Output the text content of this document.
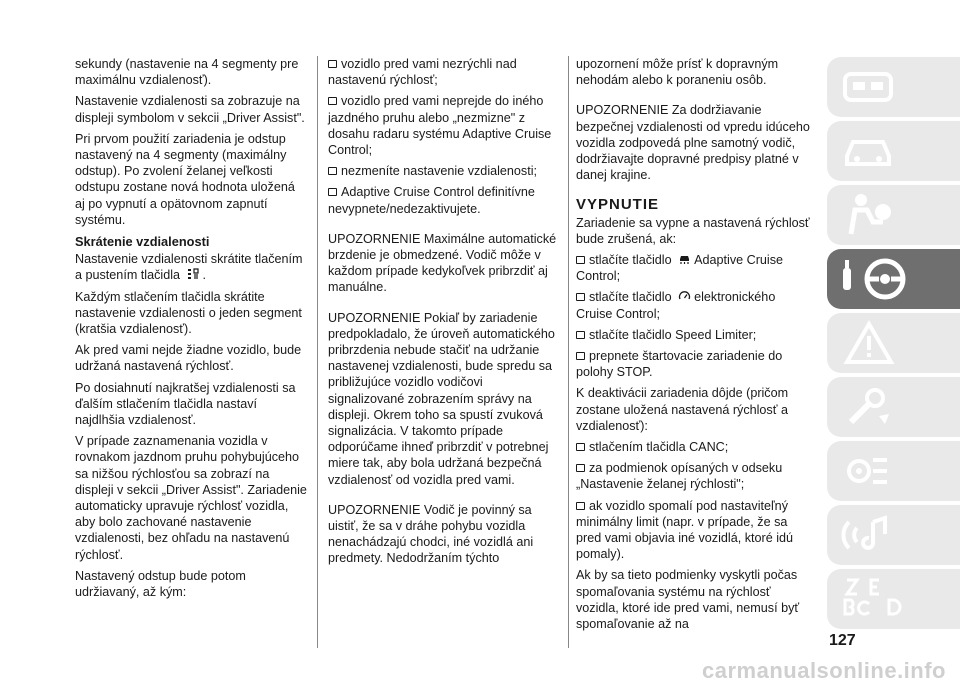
sekundy (nastavenie na 4 segmenty pre maximálnu vzdialenosť).

Nastavenie vzdialenosti sa zobrazuje na displeji symbolom v sekcii „Driver Assist".

Pri prvom použití zariadenia je odstup nastavený na 4 segmenty (maximálny odstup). Po zvolení želanej veľkosti odstupu zostane nová hodnota uložená aj po vypnutí a opätovnom zapnutí systému.

Skrátenie vzdialenosti

Nastavenie vzdialenosti skrátite tlačením a pustením tlačidla .

Každým stlačením tlačidla skrátite nastavenie vzdialenosti o jeden segment (kratšia vzdialenosť).

Ak pred vami nejde žiadne vozidlo, bude udržaná nastavená rýchlosť.

Po dosiahnutí najkratšej vzdialenosti sa ďalším stlačením tlačidla nastaví najdlhšia vzdialenosť.

V prípade zaznamenania vozidla v rovnakom jazdnom pruhu pohybujúceho sa nižšou rýchlosťou sa zobrazí na displeji v sekcii „Driver Assist". Zariadenie automaticky upravuje rýchlosť vozidla, aby bolo zachované nastavenie vzdialenosti, bez ohľadu na nastavenú rýchlosť.

Nastavený odstup bude potom udržiavaný, až kým:

vozidlo pred vami nezrýchli nad nastavenú rýchlosť;

vozidlo pred vami neprejde do iného jazdného pruhu alebo „nezmizne" z dosahu radaru systému Adaptive Cruise Control;

nezmeníte nastavenie vzdialenosti;

Adaptive Cruise Control definitívne nevypnete/nedezaktivujete.

UPOZORNENIE Maximálne automatické brzdenie je obmedzené. Vodič môže v každom prípade kedykoľvek pribrzdiť aj manuálne.

UPOZORNENIE Pokiaľ by zariadenie predpokladalo, že úroveň automatického pribrzdenia nebude stačiť na udržanie nastavenej vzdialenosti, bude spredu sa približujúce vozidlo vodičovi signalizované zobrazením správy na displeji. Okrem toho sa spustí zvuková signalizácia. V takomto prípade odporúčame ihneď pribrzdiť v potrebnej miere tak, aby bola udržaná bezpečná vzdialenosť od vozidla pred vami.

UPOZORNENIE Vodič je povinný sa uistiť, že sa v dráhe pohybu vozidla nenachádzajú chodci, iné vozidlá ani predmety. Nedodržaním týchto

upozornení môže prísť k dopravným nehodám alebo k poraneniu osôb.

UPOZORNENIE Za dodržiavanie bezpečnej vzdialenosti od vpredu idúceho vozidla zodpovedá plne samotný vodič, dodržiavajte dopravné predpisy platné v danej krajine.

VYPNUTIE

Zariadenie sa vypne a nastavená rýchlosť bude zrušená, ak:

stlačíte tlačidlo Adaptive Cruise Control;

stlačíte tlačidlo elektronického Cruise Control;

stlačíte tlačidlo Speed Limiter;

prepnete štartovacie zariadenie do polohy STOP.

K deaktivácii zariadenia dôjde (pričom zostane uložená nastavená rýchlosť a vzdialenosť):

stlačením tlačidla CANC;

za podmienok opísaných v odseku „Nastavenie želanej rýchlosti";

ak vozidlo spomalí pod nastaviteľný minimálny limit (napr. v prípade, že sa pred vami objavia iné vozidlá, ktoré idú pomaly).

Ak by sa tieto podmienky vyskytli počas spomaľovania systému na rýchlosť vozidla, ktoré ide pred vami, nemusí byť spomaľovanie až na

127
carmanualsonline.info
